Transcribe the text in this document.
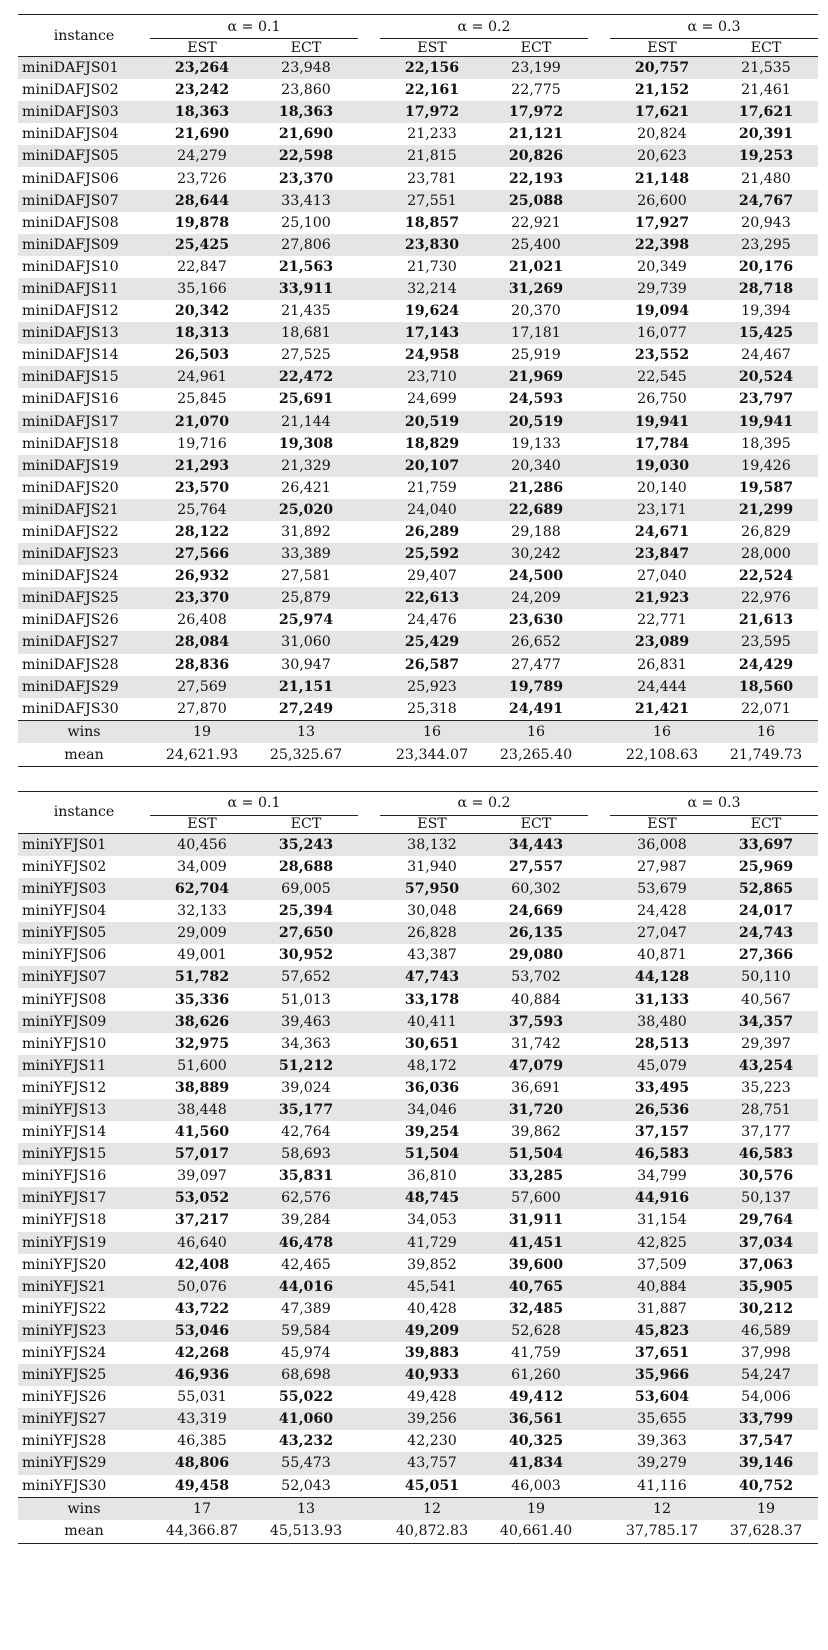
instance	α = 0.1			α = 0.2			α = 0.3	
	EST	ECT		EST	ECT		EST	ECT
miniDAFJS01	23,264	23,948		22,156	23,199		20,757	21,535
miniDAFJS02	23,242	23,860		22,161	22,775		21,152	21,461
miniDAFJS03	18,363	18,363		17,972	17,972		17,621	17,621
miniDAFJS04	21,690	21,690		21,233	21,121		20,824	20,391
miniDAFJS05	24,279	22,598		21,815	20,826		20,623	19,253
miniDAFJS06	23,726	23,370		23,781	22,193		21,148	21,480
miniDAFJS07	28,644	33,413		27,551	25,088		26,600	24,767
miniDAFJS08	19,878	25,100		18,857	22,921		17,927	20,943
miniDAFJS09	25,425	27,806		23,830	25,400		22,398	23,295
miniDAFJS10	22,847	21,563		21,730	21,021		20,349	20,176
miniDAFJS11	35,166	33,911		32,214	31,269		29,739	28,718
miniDAFJS12	20,342	21,435		19,624	20,370		19,094	19,394
miniDAFJS13	18,313	18,681		17,143	17,181		16,077	15,425
miniDAFJS14	26,503	27,525		24,958	25,919		23,552	24,467
miniDAFJS15	24,961	22,472		23,710	21,969		22,545	20,524
miniDAFJS16	25,845	25,691		24,699	24,593		26,750	23,797
miniDAFJS17	21,070	21,144		20,519	20,519		19,941	19,941
miniDAFJS18	19,716	19,308		18,829	19,133		17,784	18,395
miniDAFJS19	21,293	21,329		20,107	20,340		19,030	19,426
miniDAFJS20	23,570	26,421		21,759	21,286		20,140	19,587
miniDAFJS21	25,764	25,020		24,040	22,689		23,171	21,299
miniDAFJS22	28,122	31,892		26,289	29,188		24,671	26,829
miniDAFJS23	27,566	33,389		25,592	30,242		23,847	28,000
miniDAFJS24	26,932	27,581		29,407	24,500		27,040	22,524
miniDAFJS25	23,370	25,879		22,613	24,209		21,923	22,976
miniDAFJS26	26,408	25,974		24,476	23,630		22,771	21,613
miniDAFJS27	28,084	31,060		25,429	26,652		23,089	23,595
miniDAFJS28	28,836	30,947		26,587	27,477		26,831	24,429
miniDAFJS29	27,569	21,151		25,923	19,789		24,444	18,560
miniDAFJS30	27,870	27,249		25,318	24,491		21,421	22,071
wins	19	13		16	16		16	16
mean	24,621.93	25,325.67		23,344.07	23,265.40		22,108.63	21,749.73
instance	α = 0.1			α = 0.2			α = 0.3	
	EST	ECT		EST	ECT		EST	ECT
miniYFJS01	40,456	35,243		38,132	34,443		36,008	33,697
miniYFJS02	34,009	28,688		31,940	27,557		27,987	25,969
miniYFJS03	62,704	69,005		57,950	60,302		53,679	52,865
miniYFJS04	32,133	25,394		30,048	24,669		24,428	24,017
miniYFJS05	29,009	27,650		26,828	26,135		27,047	24,743
miniYFJS06	49,001	30,952		43,387	29,080		40,871	27,366
miniYFJS07	51,782	57,652		47,743	53,702		44,128	50,110
miniYFJS08	35,336	51,013		33,178	40,884		31,133	40,567
miniYFJS09	38,626	39,463		40,411	37,593		38,480	34,357
miniYFJS10	32,975	34,363		30,651	31,742		28,513	29,397
miniYFJS11	51,600	51,212		48,172	47,079		45,079	43,254
miniYFJS12	38,889	39,024		36,036	36,691		33,495	35,223
miniYFJS13	38,448	35,177		34,046	31,720		26,536	28,751
miniYFJS14	41,560	42,764		39,254	39,862		37,157	37,177
miniYFJS15	57,017	58,693		51,504	51,504		46,583	46,583
miniYFJS16	39,097	35,831		36,810	33,285		34,799	30,576
miniYFJS17	53,052	62,576		48,745	57,600		44,916	50,137
miniYFJS18	37,217	39,284		34,053	31,911		31,154	29,764
miniYFJS19	46,640	46,478		41,729	41,451		42,825	37,034
miniYFJS20	42,408	42,465		39,852	39,600		37,509	37,063
miniYFJS21	50,076	44,016		45,541	40,765		40,884	35,905
miniYFJS22	43,722	47,389		40,428	32,485		31,887	30,212
miniYFJS23	53,046	59,584		49,209	52,628		45,823	46,589
miniYFJS24	42,268	45,974		39,883	41,759		37,651	37,998
miniYFJS25	46,936	68,698		40,933	61,260		35,966	54,247
miniYFJS26	55,031	55,022		49,428	49,412		53,604	54,006
miniYFJS27	43,319	41,060		39,256	36,561		35,655	33,799
miniYFJS28	46,385	43,232		42,230	40,325		39,363	37,547
miniYFJS29	48,806	55,473		43,757	41,834		39,279	39,146
miniYFJS30	49,458	52,043		45,051	46,003		41,116	40,752
wins	17	13		12	19		12	19
mean	44,366.87	45,513.93		40,872.83	40,661.40		37,785.17	37,628.37
